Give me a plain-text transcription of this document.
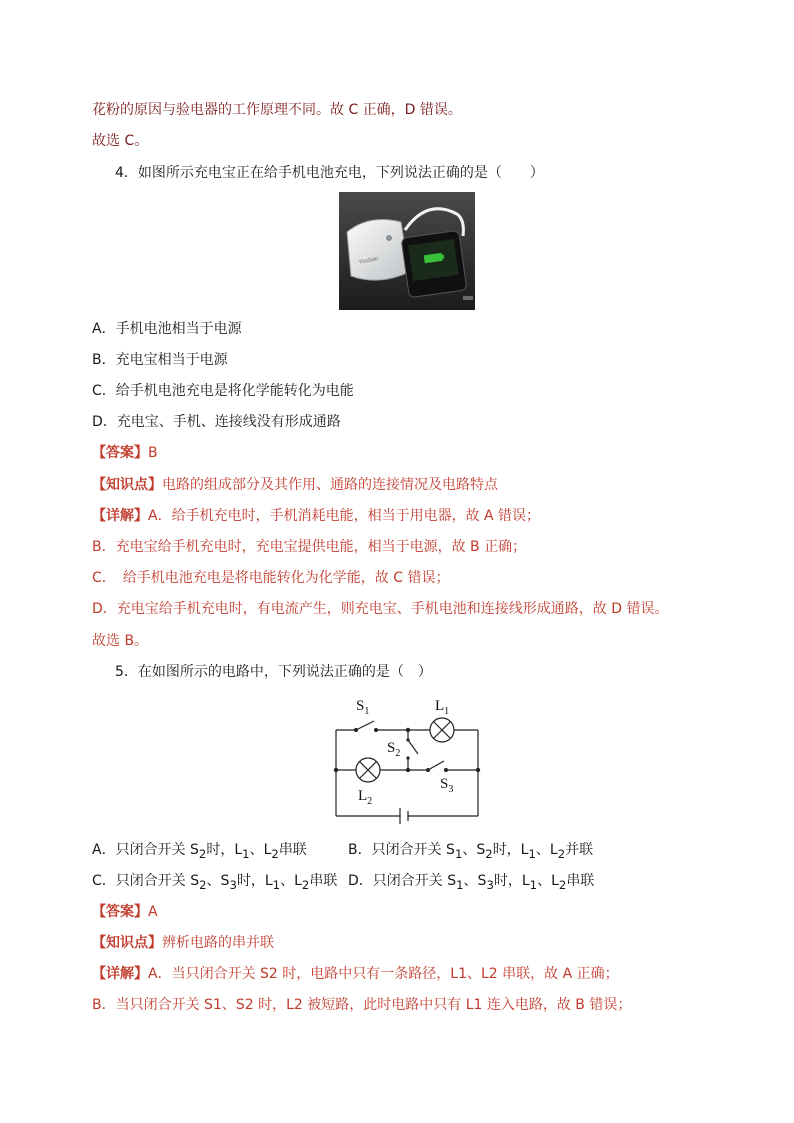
花粉的原因与验电器的工作原理不同。故 C 正确，D 错误。
故选 C。
4．如图所示充电宝正在给手机电池充电，下列说法正确的是（　　）
Yoobao
A．手机电池相当于电源
B．充电宝相当于电源
C．给手机电池充电是将化学能转化为电能
D．充电宝、手机、连接线没有形成通路
【答案】B
【知识点】电路的组成部分及其作用、通路的连接情况及电路特点
【详解】A．给手机充电时，手机消耗电能，相当于用电器，故 A 错误；
B．充电宝给手机充电时，充电宝提供电能，相当于电源，故 B 正确；
C．　给手机电池充电是将电能转化为化学能，故 C 错误；
D．充电宝给手机充电时，有电流产生，则充电宝、手机电池和连接线形成通路，故 D 错误。
故选 B。
5．在如图所示的电路中，下列说法正确的是（　）
$S_1$	$L_1$
$S_2$
$S_3$
$L_2$
A．只闭合开关 $S_2$时，$L_1$、$L_2$串联	B．只闭合开关 $S_1$、$S_2$时，$L_1$、$L_2$并联
C．只闭合开关 $S_2$、$S_3$时，$L_1$、$L_2$串联 D．只闭合开关 $S_1$、$S_3$时，$L_1$、$L_2$串联
【答案】A
【知识点】辨析电路的串并联
【详解】A．当只闭合开关 S2 时，电路中只有一条路径，L1、L2 串联，故 A 正确；
B．当只闭合开关 S1、S2 时，L2 被短路，此时电路中只有 L1 连入电路，故 B 错误；
